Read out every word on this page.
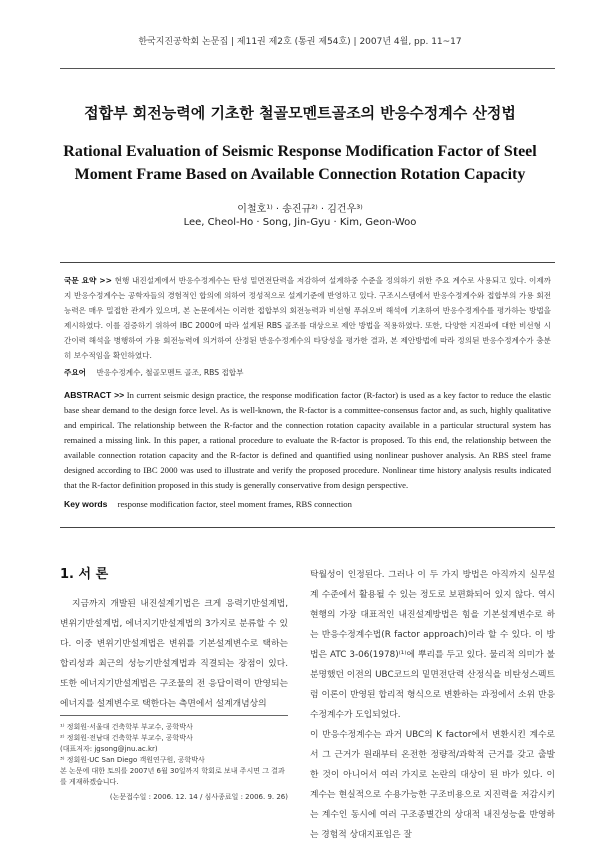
한국지진공학회 논문집 | 제11권 제2호 (통권 제54호) | 2007년 4월, pp. 11~17
접합부 회전능력에 기초한 철골모멘트골조의 반응수정계수 산정법
Rational Evaluation of Seismic Response Modification Factor of Steel Moment Frame Based on Available Connection Rotation Capacity
이철호¹⁾ · 송진규²⁾ · 김건우³⁾
Lee, Cheol-Ho · Song, Jin-Gyu · Kim, Geon-Woo

국문 요약 >> 현행 내진설계에서 반응수정계수는 탄성 밑면전단력을 저감하여 설계하중 수준을 정의하기 위한 주요 계수로 사용되고 있다. 이제까지 반응수정계수는 공학자들의 경험적인 합의에 의하여 정성적으로 설계기준에 반영하고 있다. 구조시스템에서 반응수정계수와 접합부의 가용 회전능력은 매우 밀접한 관계가 있으며, 본 논문에서는 이러한 접합부의 회전능력과 비선형 푸쉬오버 해석에 기초하여 반응수정계수를 평가하는 방법을 제시하였다. 이를 검증하기 위하여 IBC 2000에 따라 설계된 RBS 골조를 대상으로 제안 방법을 적용하였다. 또한, 다양한 지진파에 대한 비선형 시간이력 해석을 병행하여 가용 회전능력에 의거하여 산정된 반응수정계수의 타당성을 평가한 결과, 본 제안방법에 따라 정의된 반응수정계수가 충분히 보수적임을 확인하였다.

주요어 반응수정계수, 철골모멘트 골조, RBS 접합부

ABSTRACT >> In current seismic design practice, the response modification factor (R-factor) is used as a key factor to reduce the elastic base shear demand to the design force level. As is well-known, the R-factor is a committee-consensus factor and, as such, highly qualitative and empirical. The relationship between the R-factor and the connection rotation capacity available in a particular structural system has remained a missing link. In this paper, a rational procedure to evaluate the R-factor is proposed. To this end, the relationship between the available connection rotation capacity and the R-factor is defined and quantified using nonlinear pushover analysis. An RBS steel frame designed according to IBC 2000 was used to illustrate and verify the proposed procedure. Nonlinear time history analysis results indicated that the R-factor definition proposed in this study is generally conservative from design perspective.

Key words response modification factor, steel moment frames, RBS connection

1. 서 론

지금까지 개발된 내진설계기법은 크게 응력기반설계법, 변위기반설계법, 에너지기반설계법의 3가지로 분류할 수 있다. 이중 변위기반설계법은 변위를 기본설계변수로 택하는 합리성과 최근의 성능기반설계법과 직결되는 장점이 있다. 또한 에너지기반설계법은 구조물의 전 응답이력이 반영되는 에너지를 설계변수로 택한다는 측면에서 설계개념상의

탁월성이 인정된다. 그러나 이 두 가지 방법은 아직까지 실무설계 수준에서 활용될 수 있는 정도로 보편화되어 있지 않다. 역시 현행의 가장 대표적인 내진설계방법은 힘을 기본설계변수로 하는 반응수정계수법(R factor approach)이라 할 수 있다. 이 방법은 ATC 3-06(1978)⁽¹⁾에 뿌리를 두고 있다. 물리적 의미가 불분명했던 이전의 UBC코드의 밑면전단력 산정식을 비탄성스펙트럼 이론이 반영된 합리적 형식으로 변환하는 과정에서 소위 반응수정계수가 도입되었다.

이 반응수정계수는 과거 UBC의 K factor에서 변환시킨 계수로서 그 근거가 원래부터 온전한 정량적/과학적 근거를 갖고 출발한 것이 아니어서 여러 가지로 논란의 대상이 된 바가 있다. 이 계수는 현실적으로 수용가능한 구조비용으로 지진력을 저감시키는 계수인 동시에 여러 구조종별간의 상대적 내진성능을 반영하는 경험적 상대지표임은 잘

¹⁾ 정회원·서울대 건축학부 부교수, 공학박사

²⁾ 정회원·전남대 건축학부 부교수, 공학박사

(대표저자: jgsong@jnu.ac.kr)

³⁾ 정회원·UC San Diego 객원연구원, 공학박사

본 논문에 대한 토의를 2007년 6월 30일까지 학회로 보내 주시면 그 결과를 게재하겠습니다.

(논문접수일 : 2006. 12. 14 / 심사종료일 : 2006. 9. 26)
